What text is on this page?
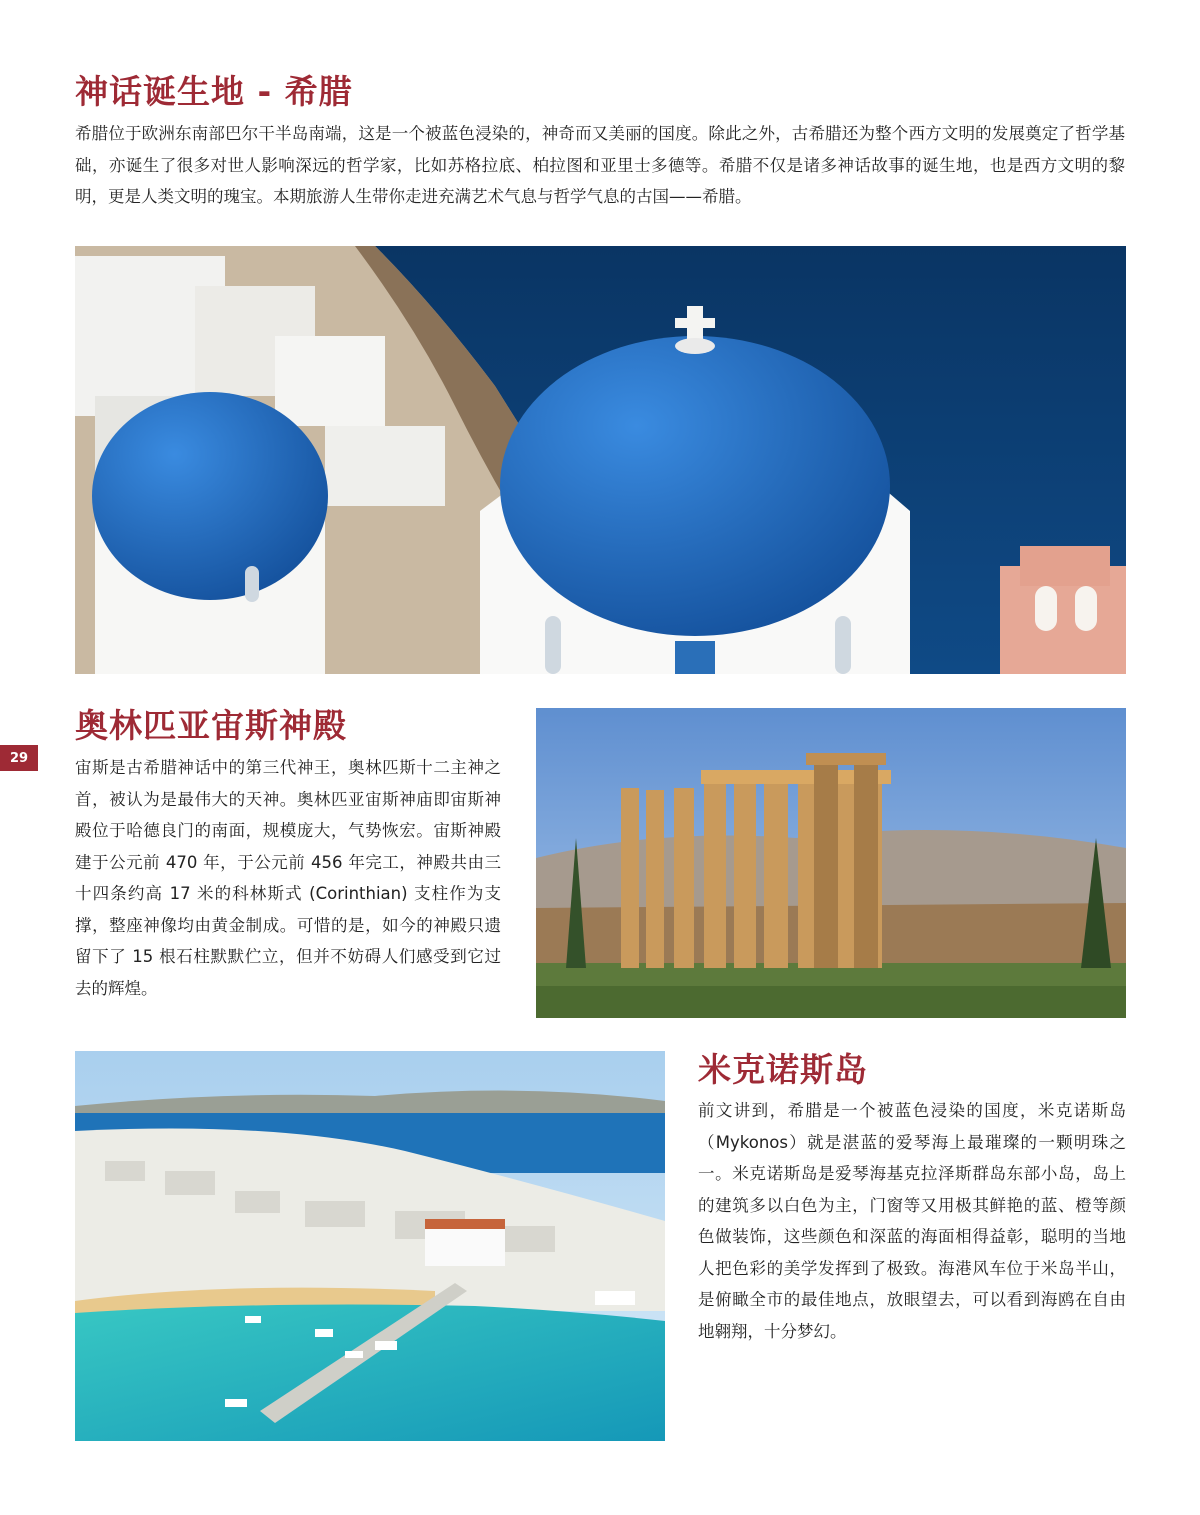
神话诞生地 - 希腊

希腊位于欧洲东南部巴尔干半岛南端，这是一个被蓝色浸染的，神奇而又美丽的国度。除此之外，古希腊还为整个西方文明的发展奠定了哲学基础，亦诞生了很多对世人影响深远的哲学家，比如苏格拉底、柏拉图和亚里士多德等。希腊不仅是诸多神话故事的诞生地，也是西方文明的黎明，更是人类文明的瑰宝。本期旅游人生带你走进充满艺术气息与哲学气息的古国——希腊。

奥林匹亚宙斯神殿

宙斯是古希腊神话中的第三代神王，奥林匹斯十二主神之首，被认为是最伟大的天神。奥林匹亚宙斯神庙即宙斯神殿位于哈德良门的南面，规模庞大，气势恢宏。宙斯神殿建于公元前 470 年，于公元前 456 年完工，神殿共由三十四条约高 17 米的科林斯式 (Corinthian) 支柱作为支撑，整座神像均由黄金制成。可惜的是，如今的神殿只遗留下了 15 根石柱默默伫立，但并不妨碍人们感受到它过去的辉煌。

29
米克诺斯岛

前文讲到，希腊是一个被蓝色浸染的国度，米克诺斯岛（Mykonos）就是湛蓝的爱琴海上最璀璨的一颗明珠之一。米克诺斯岛是爱琴海基克拉泽斯群岛东部小岛，岛上的建筑多以白色为主，门窗等又用极其鲜艳的蓝、橙等颜色做装饰，这些颜色和深蓝的海面相得益彰，聪明的当地人把色彩的美学发挥到了极致。海港风车位于米岛半山，是俯瞰全市的最佳地点，放眼望去，可以看到海鸥在自由地翱翔，十分梦幻。
